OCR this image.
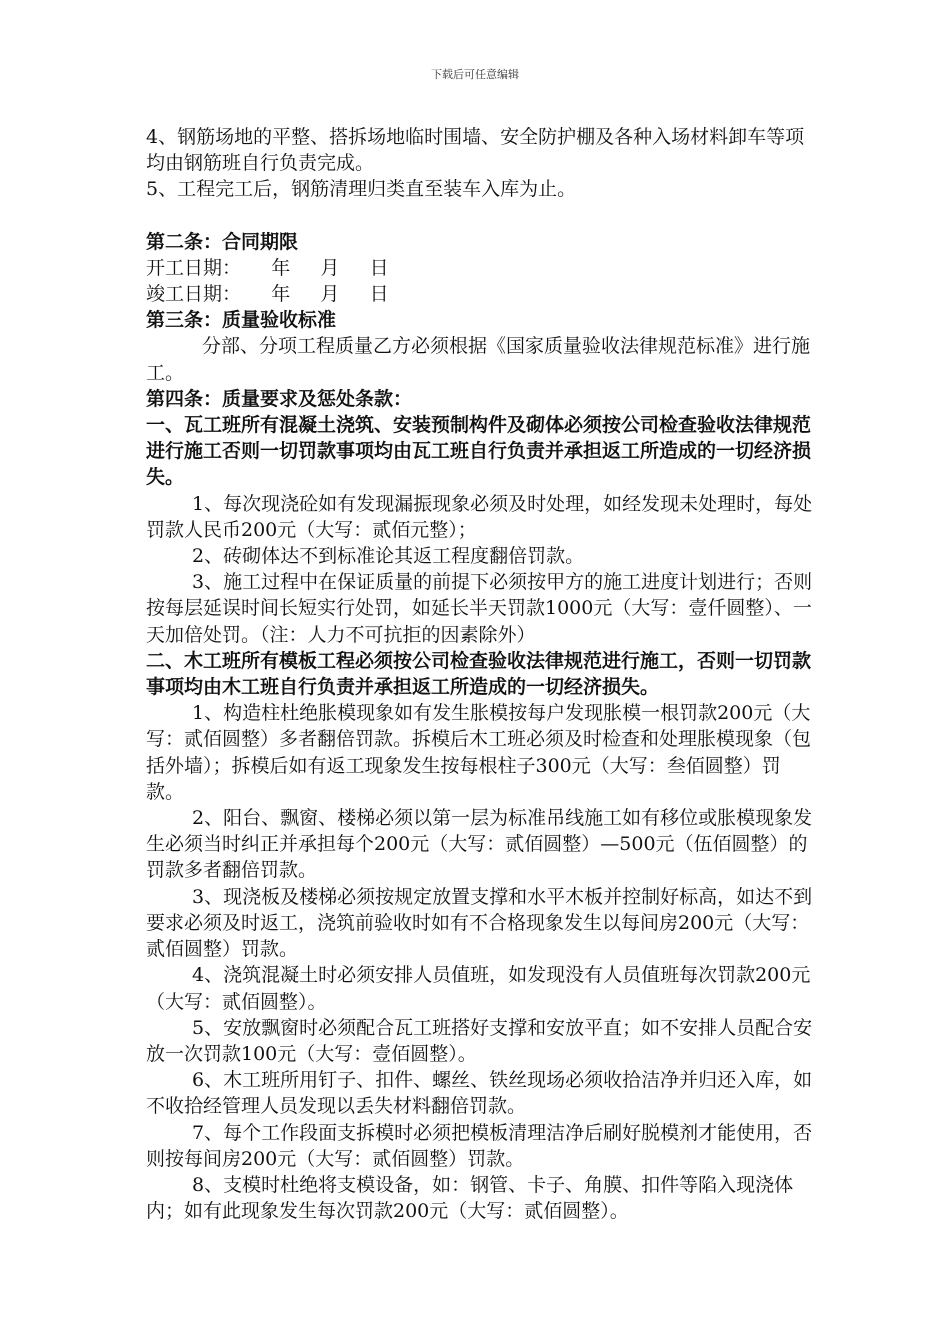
下载后可任意编辑

4、钢筋场地的平整、搭拆场地临时围墙、安全防护棚及各种入场材料卸车等项均由钢筋班自行负责完成。

5、工程完工后，钢筋清理归类直至装车入库为止。

第二条：合同期限

开工日期：     年     月     日

竣工日期：     年     月     日

第三条：质量验收标准

分部、分项工程质量乙方必须根据《国家质量验收法律规范标准》进行施工。

第四条：质量要求及惩处条款：

一、瓦工班所有混凝土浇筑、安装预制构件及砌体必须按公司检查验收法律规范进行施工否则一切罚款事项均由瓦工班自行负责并承担返工所造成的一切经济损失。

1、每次现浇砼如有发现漏振现象必须及时处理，如经发现未处理时，每处罚款人民币200元（大写：贰佰元整）；

2、砖砌体达不到标准论其返工程度翻倍罚款。

3、施工过程中在保证质量的前提下必须按甲方的施工进度计划进行；否则按每层延误时间长短实行处罚，如延长半天罚款1000元（大写：壹仟圆整）、一天加倍处罚。（注：人力不可抗拒的因素除外）

二、木工班所有模板工程必须按公司检查验收法律规范进行施工，否则一切罚款事项均由木工班自行负责并承担返工所造成的一切经济损失。

1、构造柱杜绝胀模现象如有发生胀模按每户发现胀模一根罚款200元（大写：贰佰圆整）多者翻倍罚款。拆模后木工班必须及时检查和处理胀模现象（包括外墙）；拆模后如有返工现象发生按每根柱子300元（大写：叁佰圆整）罚款。

2、阳台、飘窗、楼梯必须以第一层为标准吊线施工如有移位或胀模现象发生必须当时纠正并承担每个200元（大写：贰佰圆整）—500元（伍佰圆整）的罚款多者翻倍罚款。

3、现浇板及楼梯必须按规定放置支撑和水平木板并控制好标高，如达不到要求必须及时返工，浇筑前验收时如有不合格现象发生以每间房200元（大写：贰佰圆整）罚款。

4、浇筑混凝土时必须安排人员值班，如发现没有人员值班每次罚款200元（大写：贰佰圆整）。

5、安放飘窗时必须配合瓦工班搭好支撑和安放平直；如不安排人员配合安放一次罚款100元（大写：壹佰圆整）。

6、木工班所用钉子、扣件、螺丝、铁丝现场必须收拾洁净并归还入库，如不收拾经管理人员发现以丢失材料翻倍罚款。

7、每个工作段面支拆模时必须把模板清理洁净后刷好脱模剂才能使用，否则按每间房200元（大写：贰佰圆整）罚款。

8、支模时杜绝将支模设备，如：钢管、卡子、角膜、扣件等陷入现浇体内；如有此现象发生每次罚款200元（大写：贰佰圆整）。
